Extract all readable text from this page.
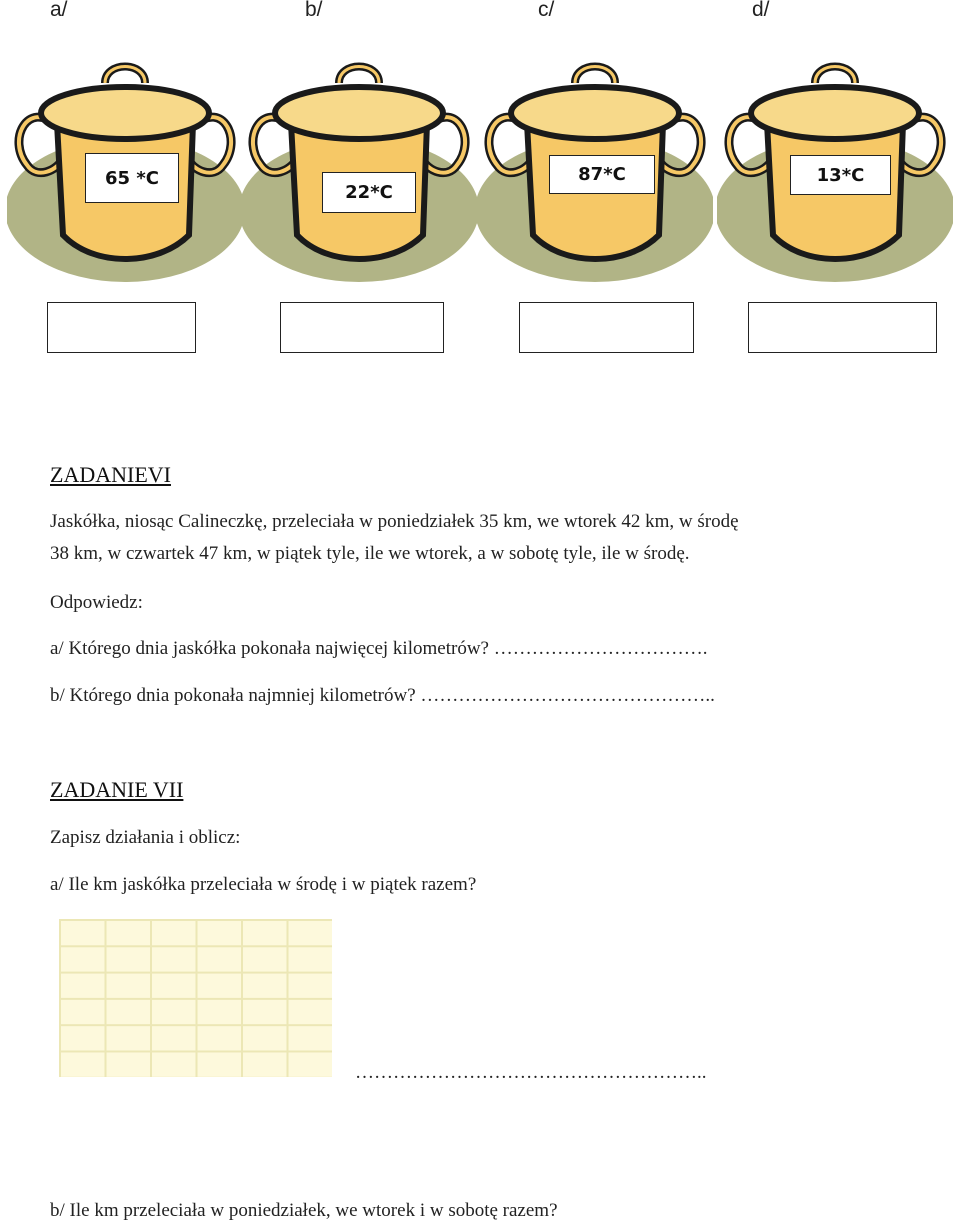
a/	b/	c/	d/
65 *C
22*C
87*C	13*C
ZADANIEVI
Jaskółka, niosąc Calineczkę, przeleciała w poniedziałek 35 km, we wtorek 42 km, w środę
38 km, w czwartek 47 km, w piątek tyle, ile we wtorek, a w sobotę tyle, ile w środę.
Odpowiedz:
a/ Którego dnia jaskółka pokonała najwięcej kilometrów? …………………………….
b/ Którego dnia pokonała najmniej kilometrów? ………………………………………..
ZADANIE VII
Zapisz działania i oblicz:
a/ Ile km jaskółka przeleciała w środę i w piątek razem?
………………………………………………..
b/ Ile km przeleciała w poniedziałek, we wtorek i w sobotę razem?
